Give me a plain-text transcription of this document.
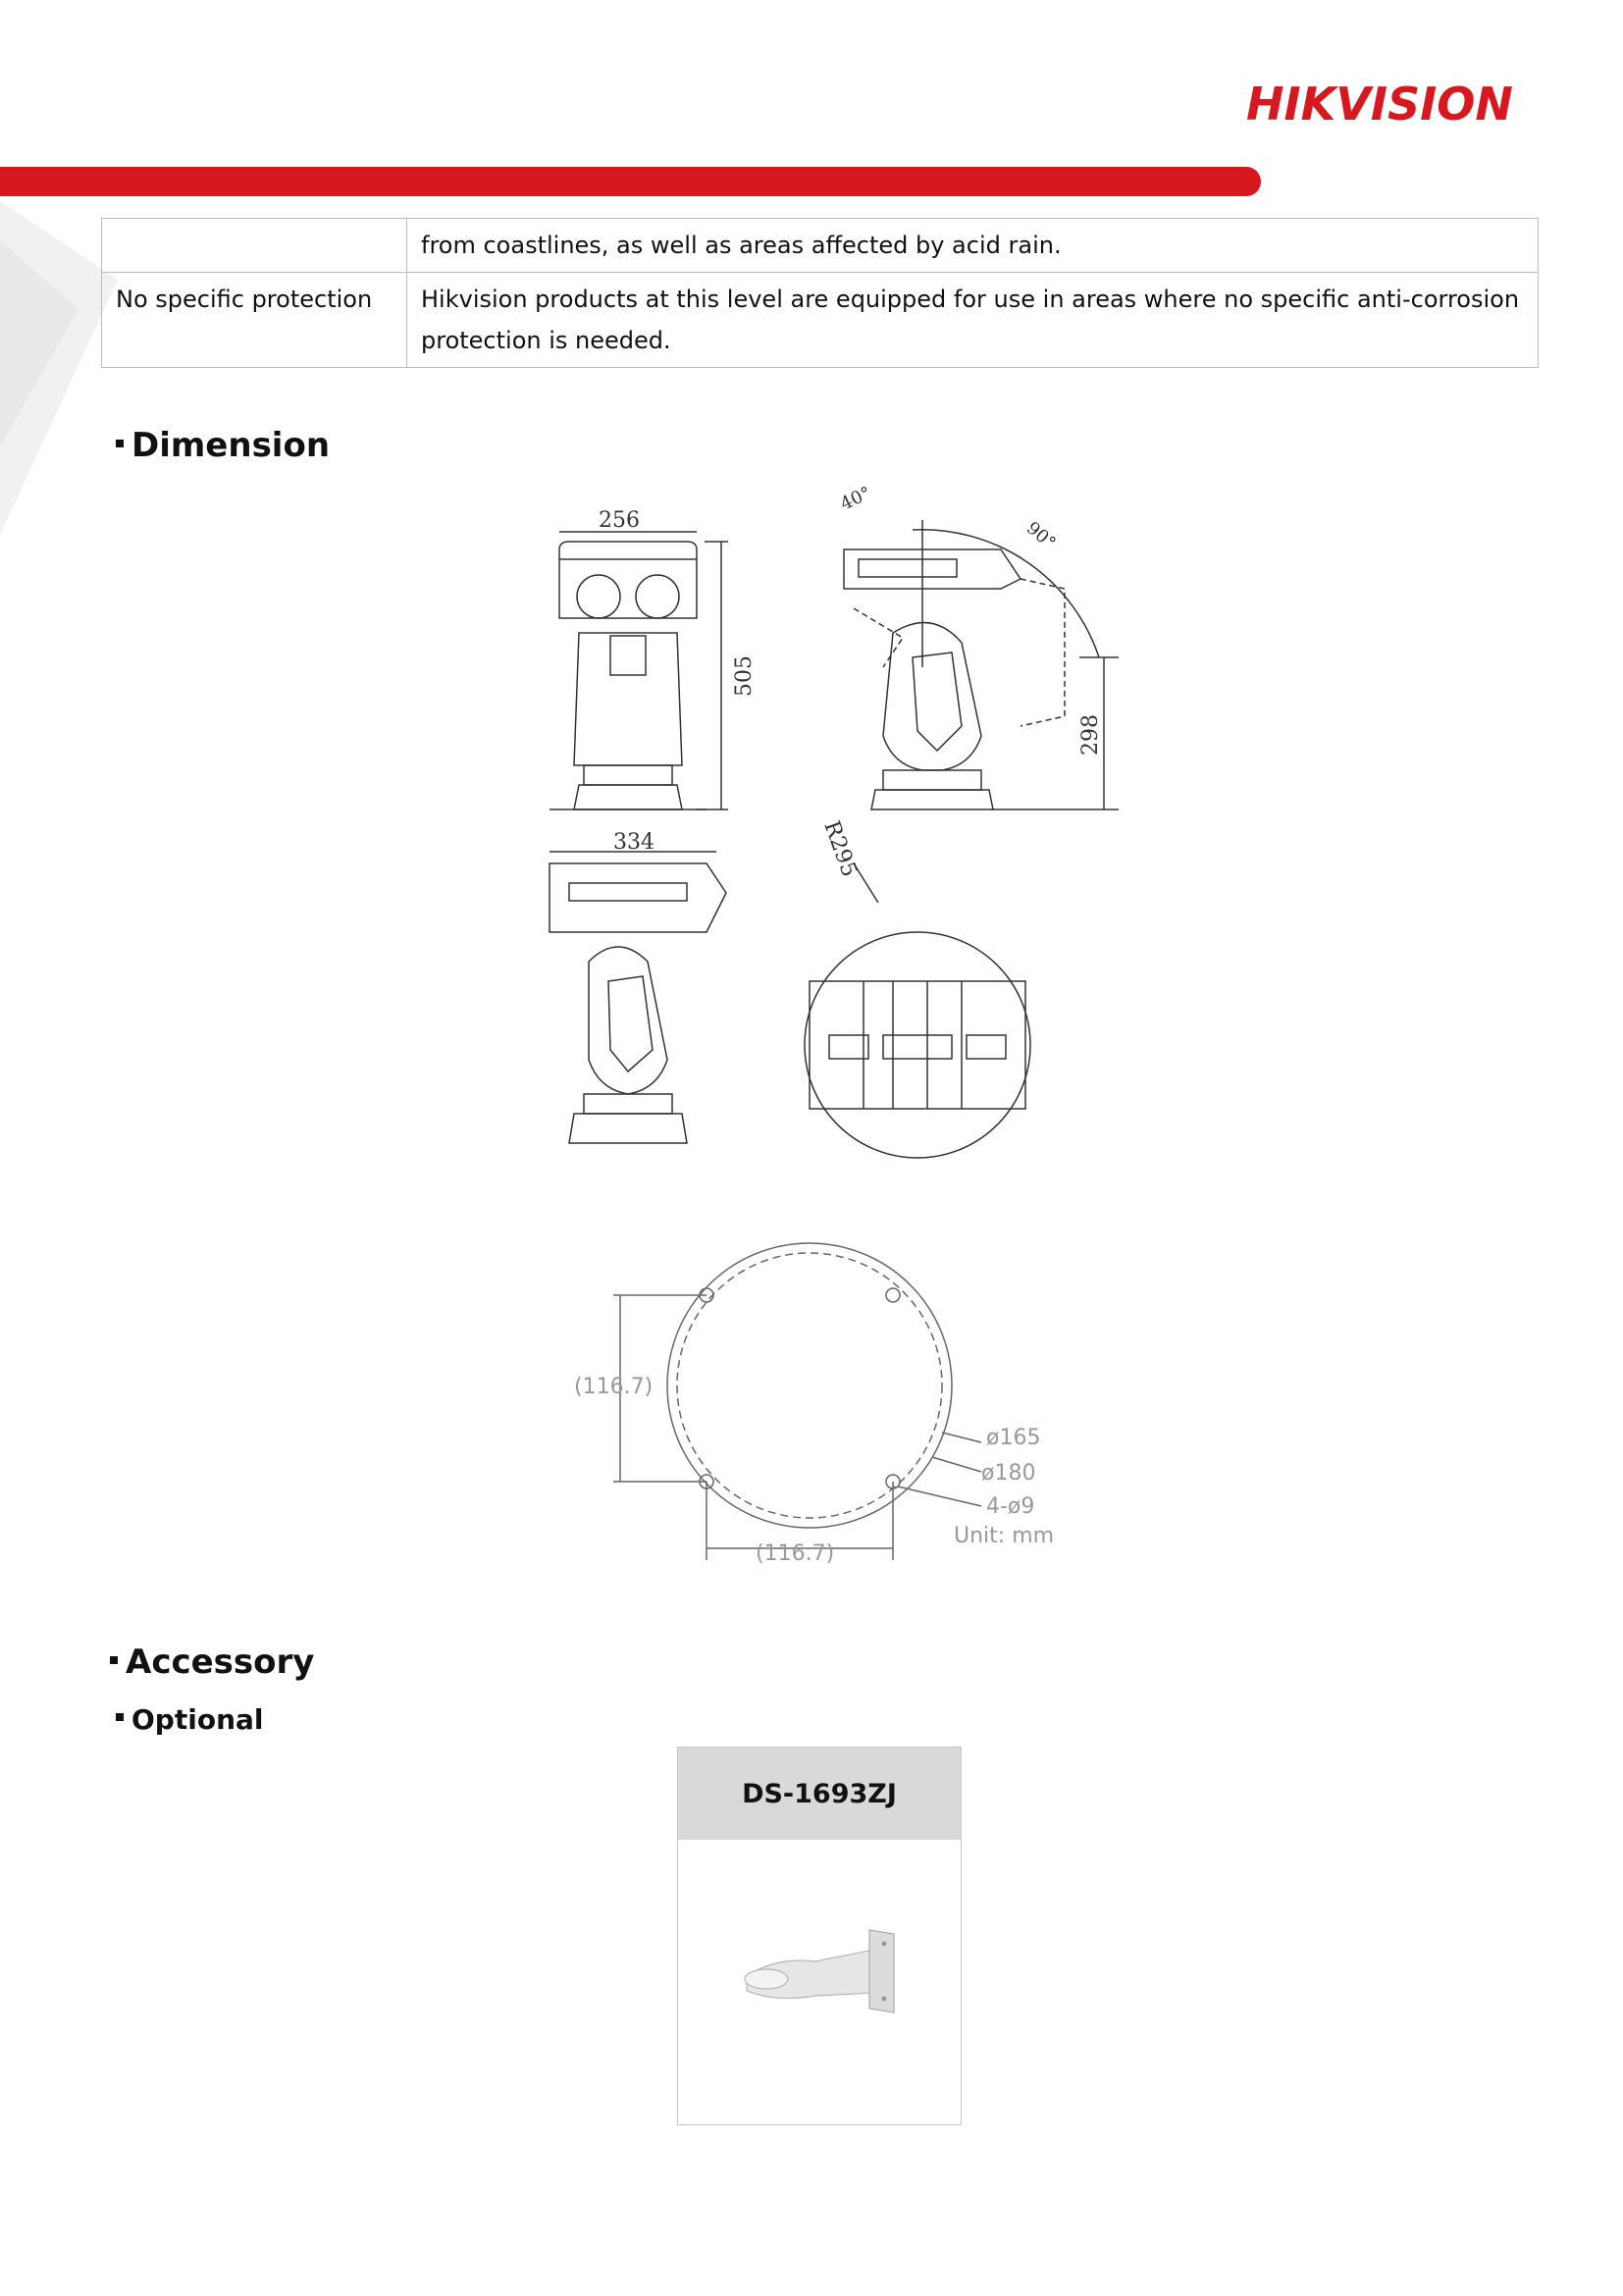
HIKVISION
	from coastlines, as well as areas affected by acid rain.
No specific protection	Hikvision products at this level are equipped for use in areas where no specific anti-corrosion protection is needed.
Dimension
256
505
334
40°
90°
298
R295
(116.7)
(116.7)
ø165
ø180
4-ø9
Unit: mm
Accessory
Optional
DS-1693ZJ
